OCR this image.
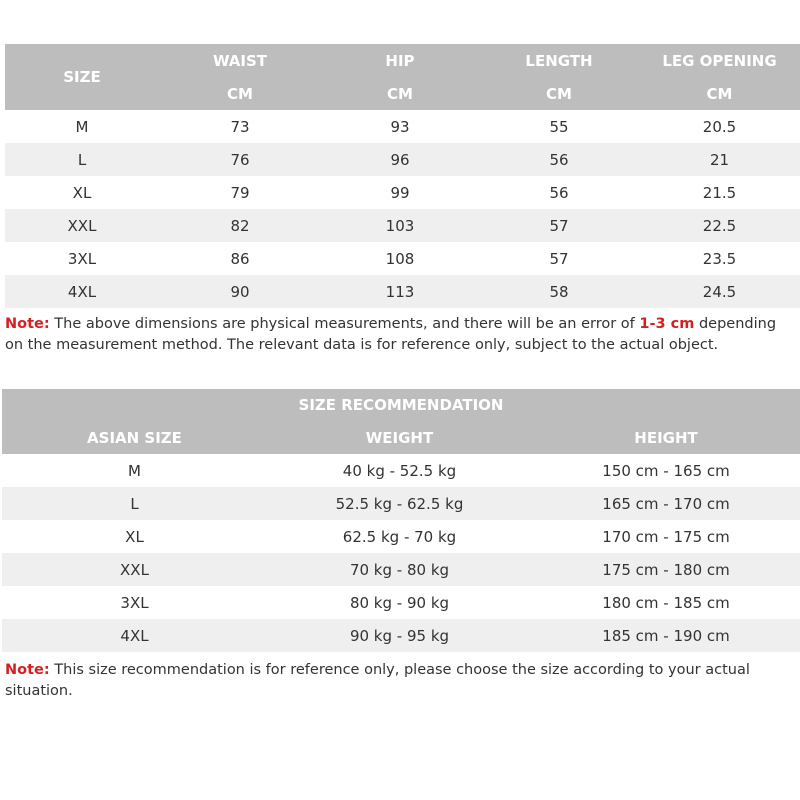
SIZE	WAIST	HIP	LENGTH	LEG OPENING
	CM	CM	CM	CM
M	73	93	55	20.5
L	76	96	56	21
XL	79	99	56	21.5
XXL	82	103	57	22.5
3XL	86	108	57	23.5
4XL	90	113	58	24.5
Note: The above dimensions are physical measurements, and there will be an error of 1-3 cm depending on the measurement method. The relevant data is for reference only, subject to the actual object.
SIZE RECOMMENDATION		
ASIAN SIZE	WEIGHT	HEIGHT
M	40 kg - 52.5 kg	150 cm - 165 cm
L	52.5 kg - 62.5 kg	165 cm - 170 cm
XL	62.5 kg - 70 kg	170 cm - 175 cm
XXL	70 kg - 80 kg	175 cm - 180 cm
3XL	80 kg - 90 kg	180 cm - 185 cm
4XL	90 kg - 95 kg	185 cm - 190 cm
Note: This size recommendation is for reference only, please choose the size according to your actual situation.
